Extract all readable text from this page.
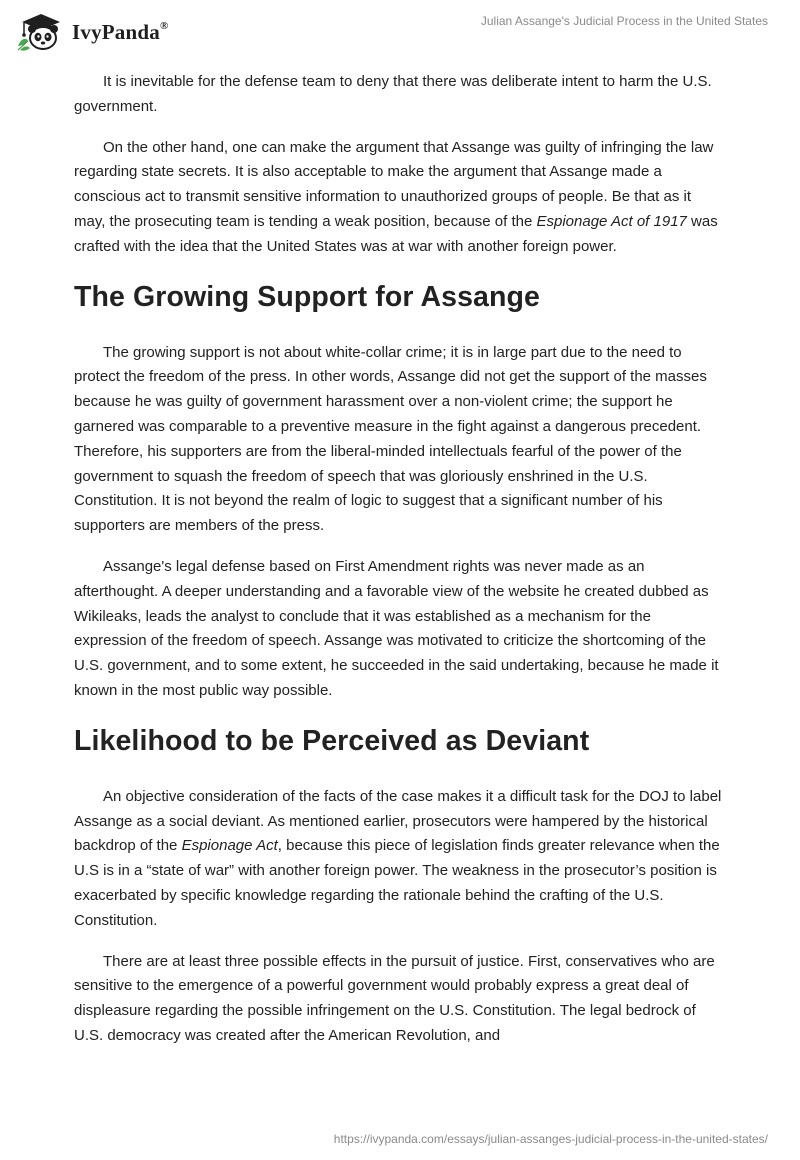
IvyPanda®	Julian Assange's Judicial Process in the United States

It is inevitable for the defense team to deny that there was deliberate intent to harm the U.S. government.

On the other hand, one can make the argument that Assange was guilty of infringing the law regarding state secrets. It is also acceptable to make the argument that Assange made a conscious act to transmit sensitive information to unauthorized groups of people. Be that as it may, the prosecuting team is tending a weak position, because of the Espionage Act of 1917 was crafted with the idea that the United States was at war with another foreign power.

The Growing Support for Assange

The growing support is not about white-collar crime; it is in large part due to the need to protect the freedom of the press. In other words, Assange did not get the support of the masses because he was guilty of government harassment over a non-violent crime; the support he garnered was comparable to a preventive measure in the fight against a dangerous precedent. Therefore, his supporters are from the liberal-minded intellectuals fearful of the power of the government to squash the freedom of speech that was gloriously enshrined in the U.S. Constitution. It is not beyond the realm of logic to suggest that a significant number of his supporters are members of the press.

Assange's legal defense based on First Amendment rights was never made as an afterthought. A deeper understanding and a favorable view of the website he created dubbed as Wikileaks, leads the analyst to conclude that it was established as a mechanism for the expression of the freedom of speech. Assange was motivated to criticize the shortcoming of the U.S. government, and to some extent, he succeeded in the said undertaking, because he made it known in the most public way possible.

Likelihood to be Perceived as Deviant

An objective consideration of the facts of the case makes it a difficult task for the DOJ to label Assange as a social deviant. As mentioned earlier, prosecutors were hampered by the historical backdrop of the Espionage Act, because this piece of legislation finds greater relevance when the U.S is in a “state of war” with another foreign power. The weakness in the prosecutor’s position is exacerbated by specific knowledge regarding the rationale behind the crafting of the U.S. Constitution.

There are at least three possible effects in the pursuit of justice. First, conservatives who are sensitive to the emergence of a powerful government would probably express a great deal of displeasure regarding the possible infringement on the U.S. Constitution. The legal bedrock of U.S. democracy was created after the American Revolution, and

https://ivypanda.com/essays/julian-assanges-judicial-process-in-the-united-states/
